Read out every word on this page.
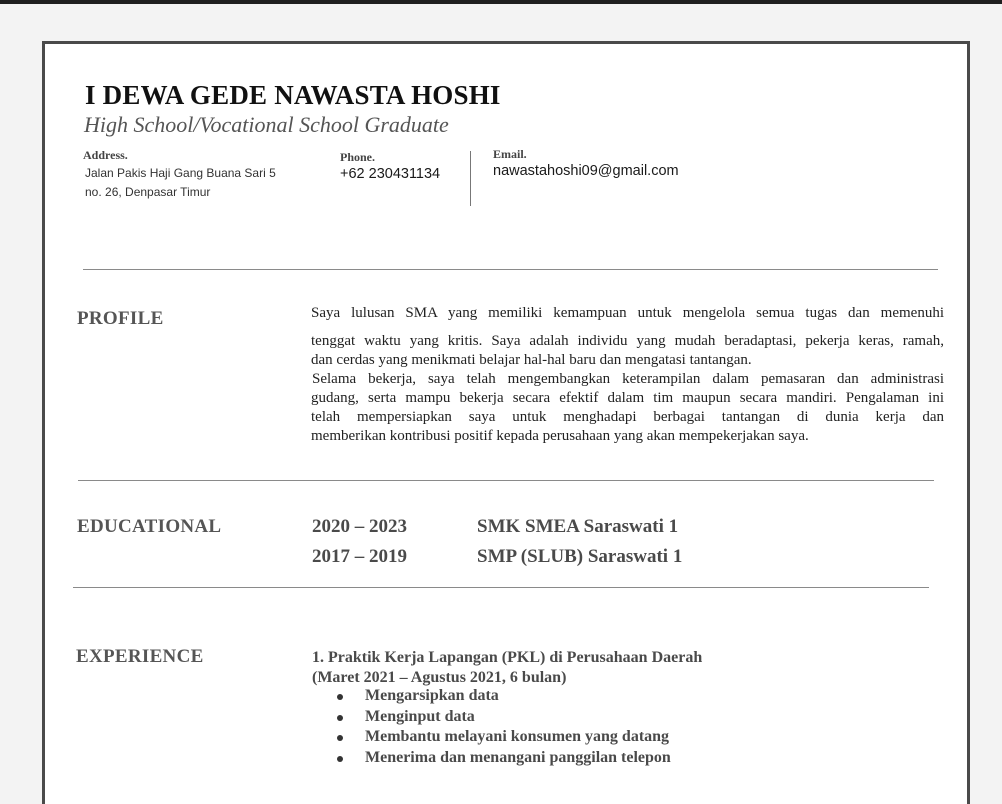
I DEWA GEDE NAWASTA HOSHI
High School/Vocational School Graduate
Address.
Jalan Pakis Haji Gang Buana Sari 5
no. 26, Denpasar Timur
Phone.
+62 230431134
Email.
nawastahoshi09@gmail.com
PROFILE	Saya lulusan SMA yang memiliki kemampuan untuk mengelola semua tugas dan memenuhi
tenggat waktu yang kritis. Saya adalah individu yang mudah beradaptasi, pekerja keras, ramah,
dan cerdas yang menikmati belajar hal-hal baru dan mengatasi tantangan.
Selama bekerja, saya telah mengembangkan keterampilan dalam pemasaran dan administrasi
gudang, serta mampu bekerja secara efektif dalam tim maupun secara mandiri. Pengalaman ini
telah mempersiapkan saya untuk menghadapi berbagai tantangan di dunia kerja dan
memberikan kontribusi positif kepada perusahaan yang akan mempekerjakan saya.
EDUCATIONAL	2020 – 2023	SMK SMEA Saraswati 1
2017 – 2019	SMP (SLUB) Saraswati 1
EXPERIENCE	1. Praktik Kerja Lapangan (PKL) di Perusahaan Daerah
(Maret 2021 – Agustus 2021, 6 bulan)
Mengarsipkan data
Menginput data
Membantu melayani konsumen yang datang
Menerima dan menangani panggilan telepon
